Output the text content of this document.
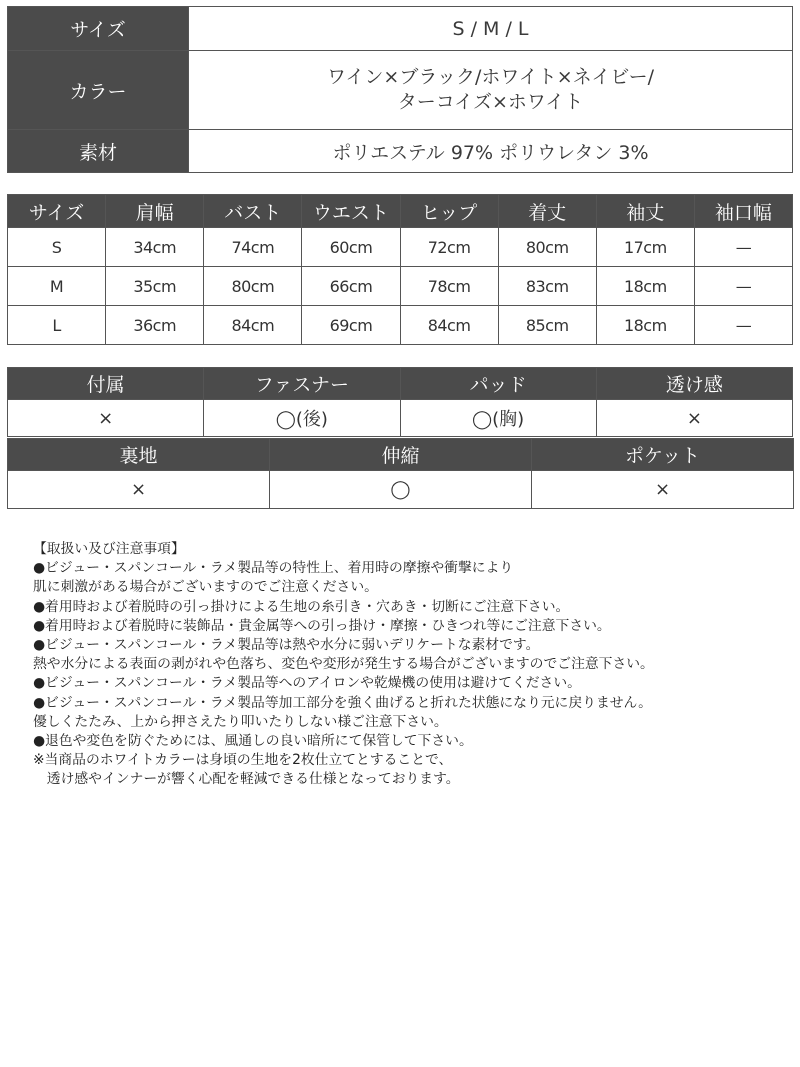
サイズ	S / M / L
カラー	ワイン×ブラック/ホワイト×ネイビー/
ターコイズ×ホワイト

素材	ポリエステル 97% ポリウレタン 3%
サイズ	肩幅	バスト	ウエスト	ヒップ	着丈	袖丈	袖口幅
S	34cm	74cm	60cm	72cm	80cm	17cm	—
M	35cm	80cm	66cm	78cm	83cm	18cm	—
L	36cm	84cm	69cm	84cm	85cm	18cm	—
付属	ファスナー	パッド	透け感
×	◯(後)	◯(胸)	×
裏地	伸縮	ポケット
×	◯	×
【取扱い及び注意事項】
●ビジュー・スパンコール・ラメ製品等の特性上、着用時の摩擦や衝撃により
肌に刺激がある場合がございますのでご注意ください。
●着用時および着脱時の引っ掛けによる生地の糸引き・穴あき・切断にご注意下さい。
●着用時および着脱時に装飾品・貴金属等への引っ掛け・摩擦・ひきつれ等にご注意下さい。
●ビジュー・スパンコール・ラメ製品等は熱や水分に弱いデリケートな素材です。
熱や水分による表面の剥がれや色落ち、変色や変形が発生する場合がございますのでご注意下さい。
●ビジュー・スパンコール・ラメ製品等へのアイロンや乾燥機の使用は避けてください。
●ビジュー・スパンコール・ラメ製品等加工部分を強く曲げると折れた状態になり元に戻りません。
優しくたたみ、上から押さえたり叩いたりしない様ご注意下さい。
●退色や変色を防ぐためには、風通しの良い暗所にて保管して下さい。
※当商品のホワイトカラーは身頃の生地を2枚仕立てとすることで、
　透け感やインナーが響く心配を軽減できる仕様となっております。
